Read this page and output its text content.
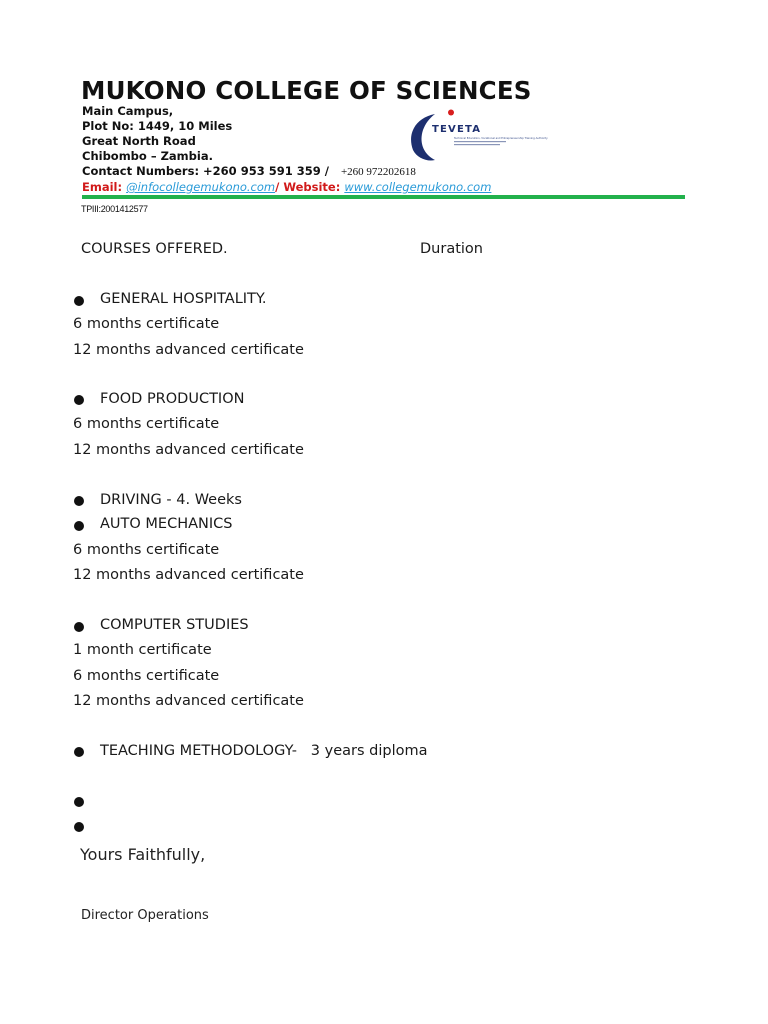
MUKONO COLLEGE OF SCIENCES
Main Campus,
Plot No: 1449, 10 Miles
Great North Road
Chibombo – Zambia.
Contact Numbers: +260 953 591 359 / +260 972202618
Email: @infocollegemukono.com/ Website: www.collegemukono.com
TPIII:2001412577
TEVETA
Technical Education, Vocational and Entrepreneurship Training Authority
COURSES OFFERED.	Duration
GENERAL HOSPITALITY.
6 months certificate
12 months advanced certificate
FOOD PRODUCTION
6 months certificate
12 months advanced certificate
DRIVING - 4. Weeks
AUTO MECHANICS
6 months certificate
12 months advanced certificate
COMPUTER STUDIES
1 month certificate
6 months certificate
12 months advanced certificate
TEACHING METHODOLOGY-   3 years diploma
Yours Faithfully,
Director Operations
